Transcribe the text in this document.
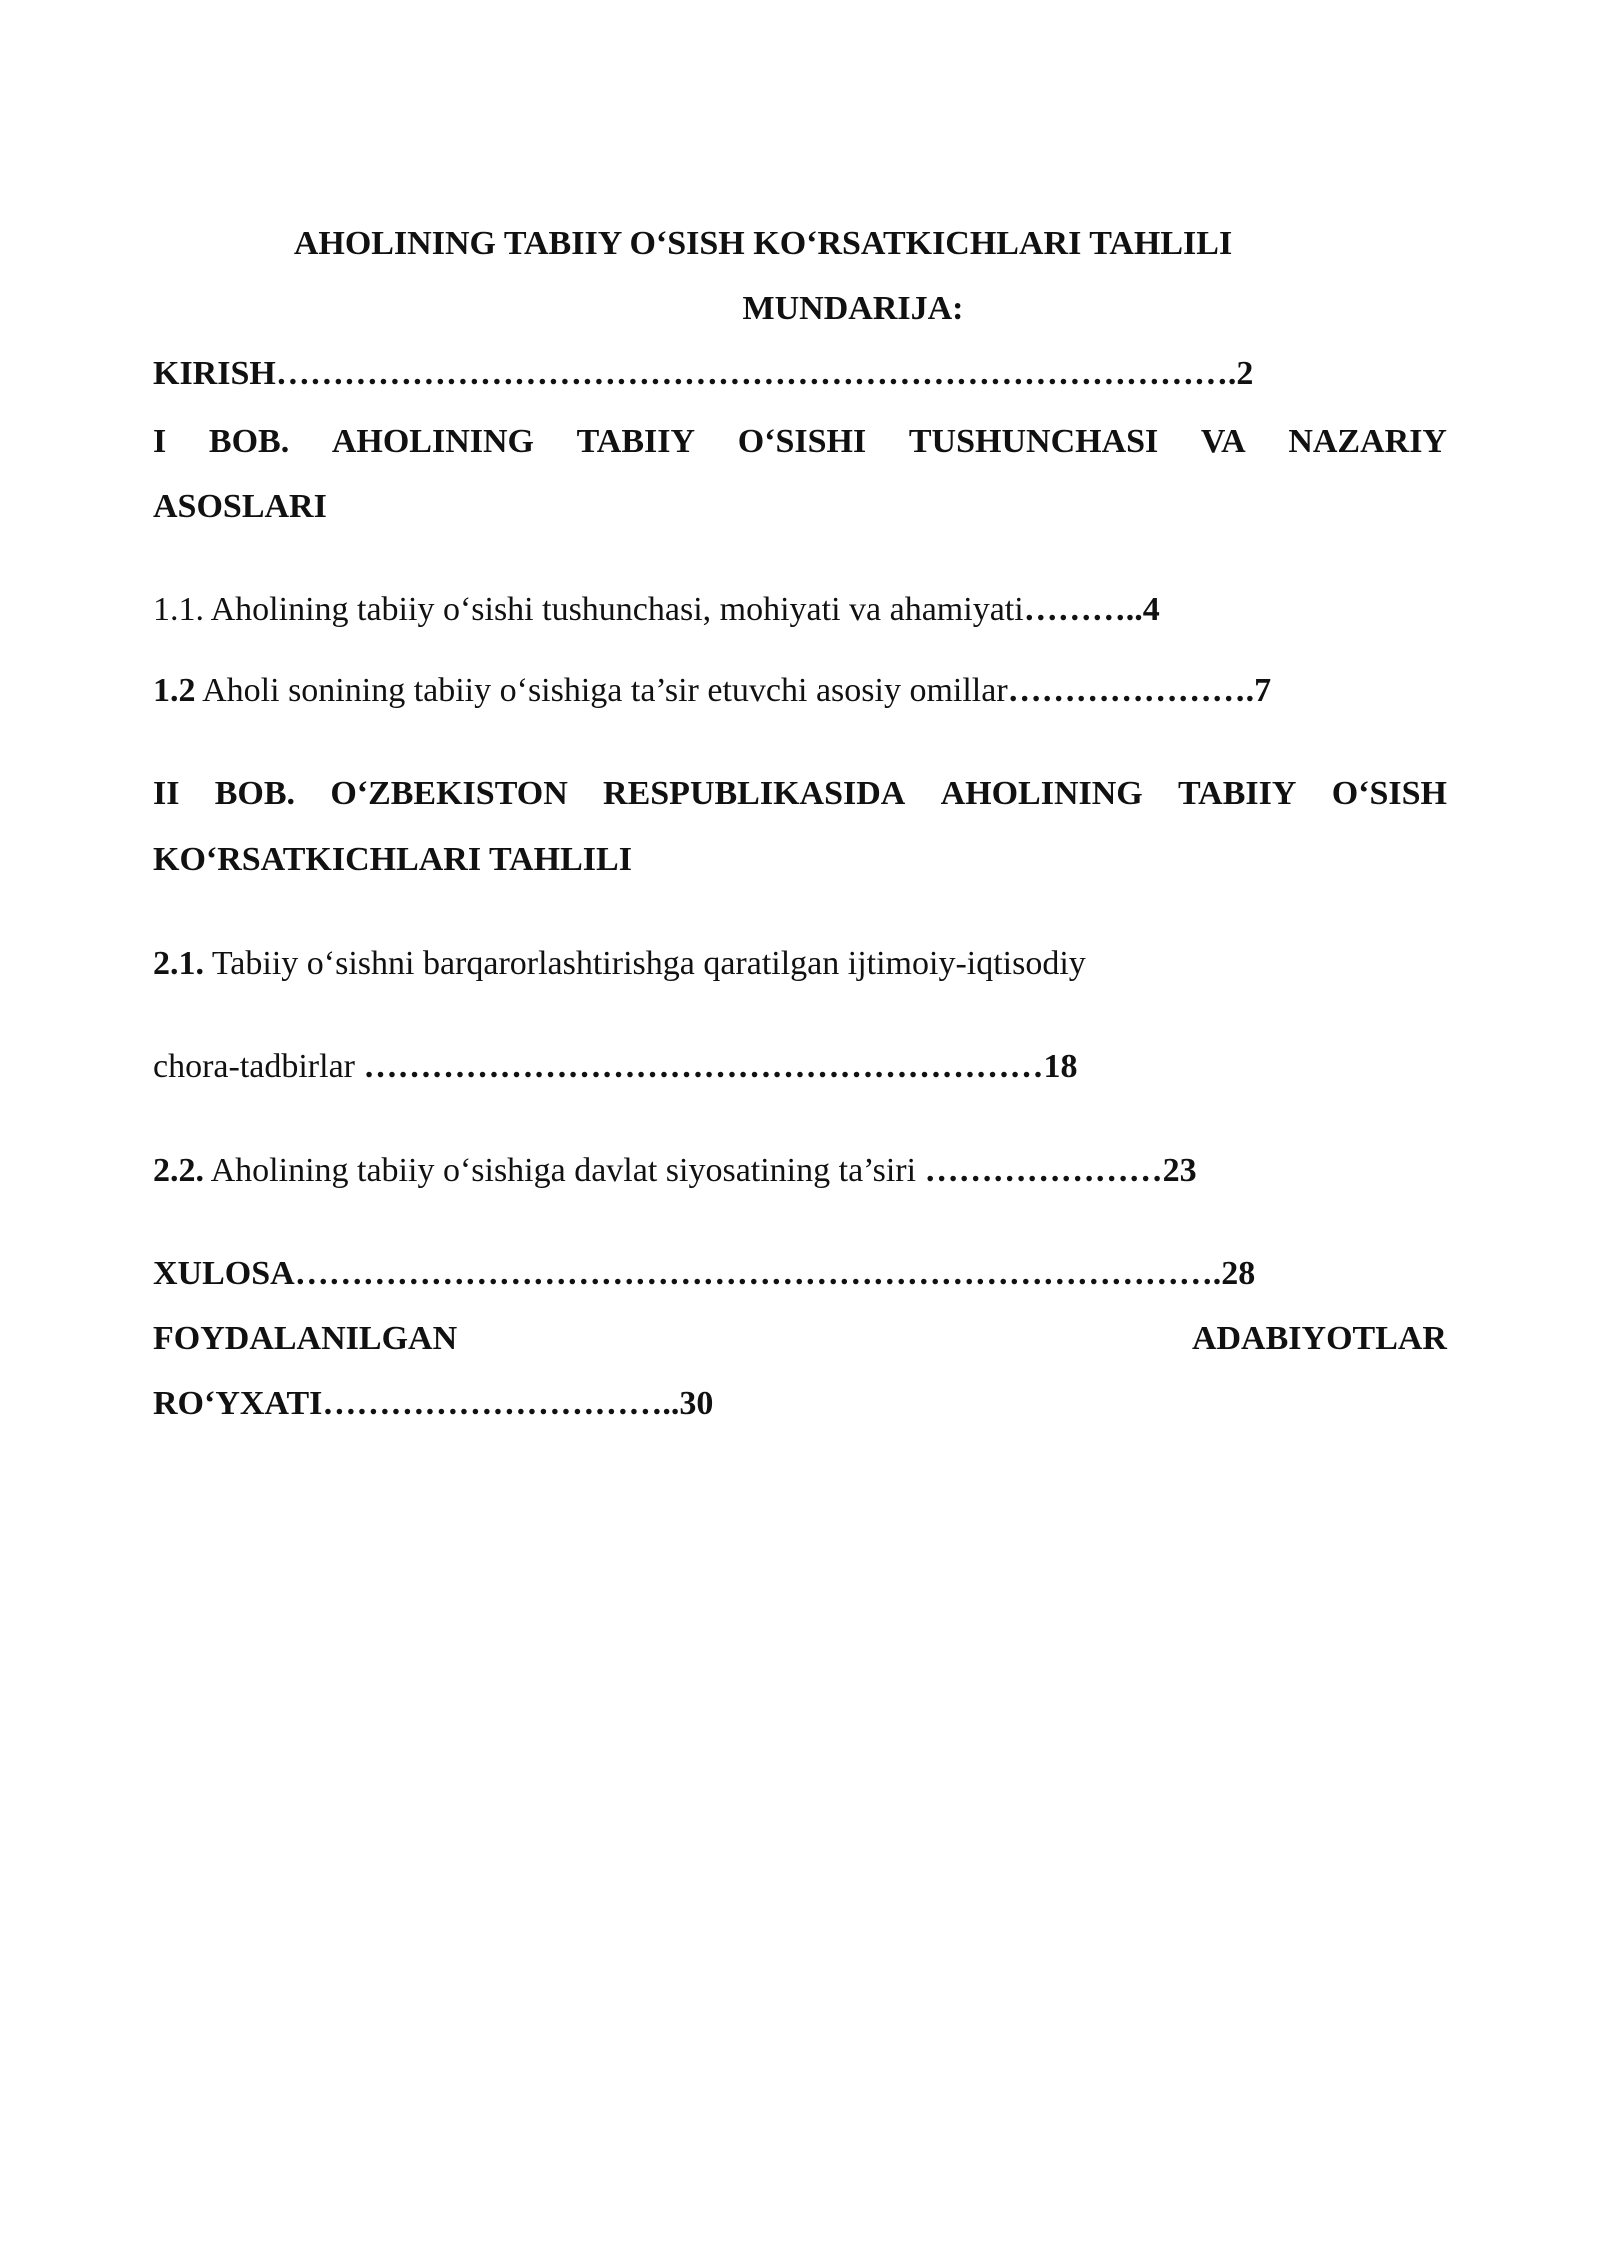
AHOLINING TABIIY O‘SISH KO‘RSATKICHLARI TAHLILI
MUNDARIJA:
KIRISH………………………………………………………………………….2
I BOB. AHOLINING TABIIY O‘SISHI TUSHUNCHASI VA NAZARIY
ASOSLARI
1.1. Aholining tabiiy o‘sishi tushunchasi, mohiyati va ahamiyati………..4
1.2 Aholi sonining tabiiy o‘sishiga ta’sir etuvchi asosiy omillar………………….7
II BOB. O‘ZBEKISTON RESPUBLIKASIDA AHOLINING TABIIY O‘SISH
KO‘RSATKICHLARI TAHLILI
2.1. Tabiiy o‘sishni barqarorlashtirishga qaratilgan ijtimoiy-iqtisodiy
chora-tadbirlar ……………………………………………………18
2.2. Aholining tabiiy o‘sishiga davlat siyosatining ta’siri …………………23
XULOSA……………………………………………………………………….28
FOYDALANILGAN	ADABIYOTLAR
RO‘YXATI…………………………..30
